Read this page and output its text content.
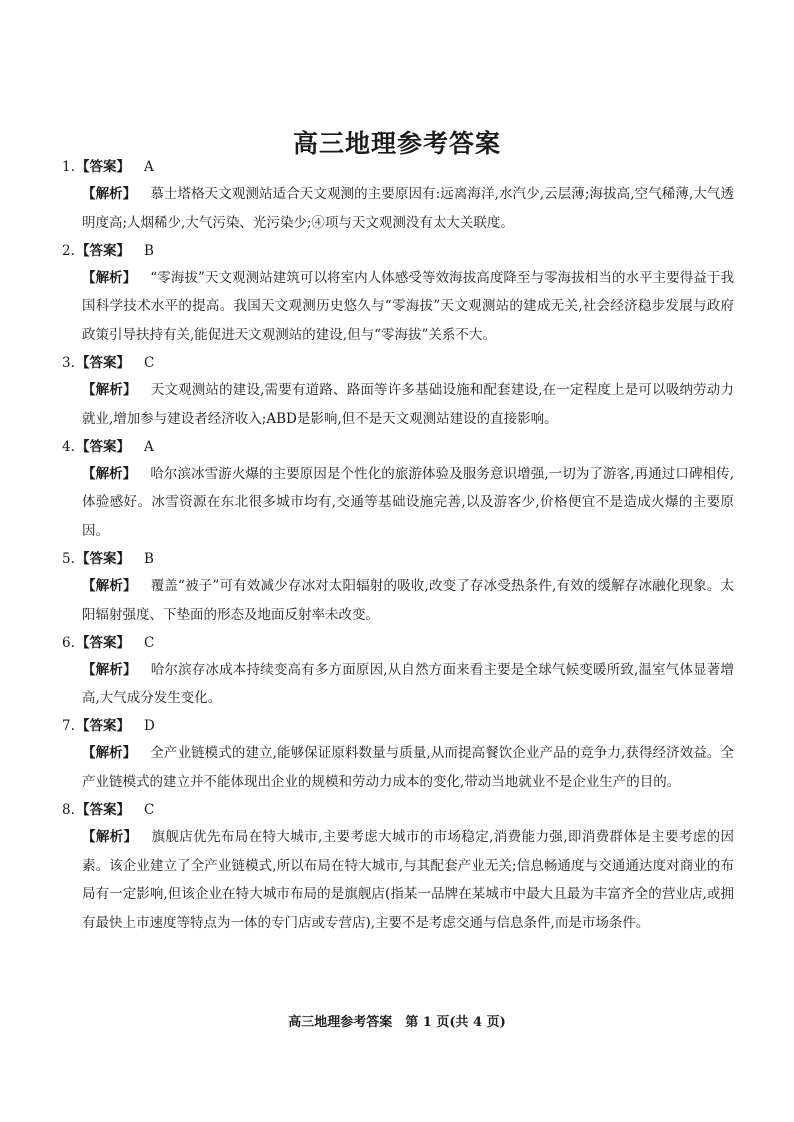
高三地理参考答案
1.【答案】 A
【解析】 慕士塔格天文观测站适合天文观测的主要原因有:远离海洋,水汽少,云层薄;海拔高,空气稀薄,大气透明度高;人烟稀少,大气污染、光污染少;④项与天文观测没有太大关联度。
2.【答案】 B
【解析】 “零海拔”天文观测站建筑可以将室内人体感受等效海拔高度降至与零海拔相当的水平主要得益于我国科学技术水平的提高。我国天文观测历史悠久与“零海拔”天文观测站的建成无关,社会经济稳步发展与政府政策引导扶持有关,能促进天文观测站的建设,但与“零海拔”关系不大。
3.【答案】 C
【解析】 天文观测站的建设,需要有道路、路面等许多基础设施和配套建设,在一定程度上是可以吸纳劳动力就业,增加参与建设者经济收入;ABD是影响,但不是天文观测站建设的直接影响。
4.【答案】 A
【解析】 哈尔滨冰雪游火爆的主要原因是个性化的旅游体验及服务意识增强,一切为了游客,再通过口碑相传,体验感好。冰雪资源在东北很多城市均有,交通等基础设施完善,以及游客少,价格便宜不是造成火爆的主要原因。
5.【答案】 B
【解析】 覆盖“被子”可有效减少存冰对太阳辐射的吸收,改变了存冰受热条件,有效的缓解存冰融化现象。太阳辐射强度、下垫面的形态及地面反射率未改变。
6.【答案】 C
【解析】 哈尔滨存冰成本持续变高有多方面原因,从自然方面来看主要是全球气候变暖所致,温室气体显著增高,大气成分发生变化。
7.【答案】 D
【解析】 全产业链模式的建立,能够保证原料数量与质量,从而提高餐饮企业产品的竞争力,获得经济效益。全产业链模式的建立并不能体现出企业的规模和劳动力成本的变化,带动当地就业不是企业生产的目的。
8.【答案】 C
【解析】 旗舰店优先布局在特大城市,主要考虑大城市的市场稳定,消费能力强,即消费群体是主要考虑的因素。该企业建立了全产业链模式,所以布局在特大城市,与其配套产业无关;信息畅通度与交通通达度对商业的布局有一定影响,但该企业在特大城市布局的是旗舰店(指某一品牌在某城市中最大且最为丰富齐全的营业店,或拥有最快上市速度等特点为一体的专门店或专营店),主要不是考虑交通与信息条件,而是市场条件。
高三地理参考答案　第 1 页(共 4 页)
